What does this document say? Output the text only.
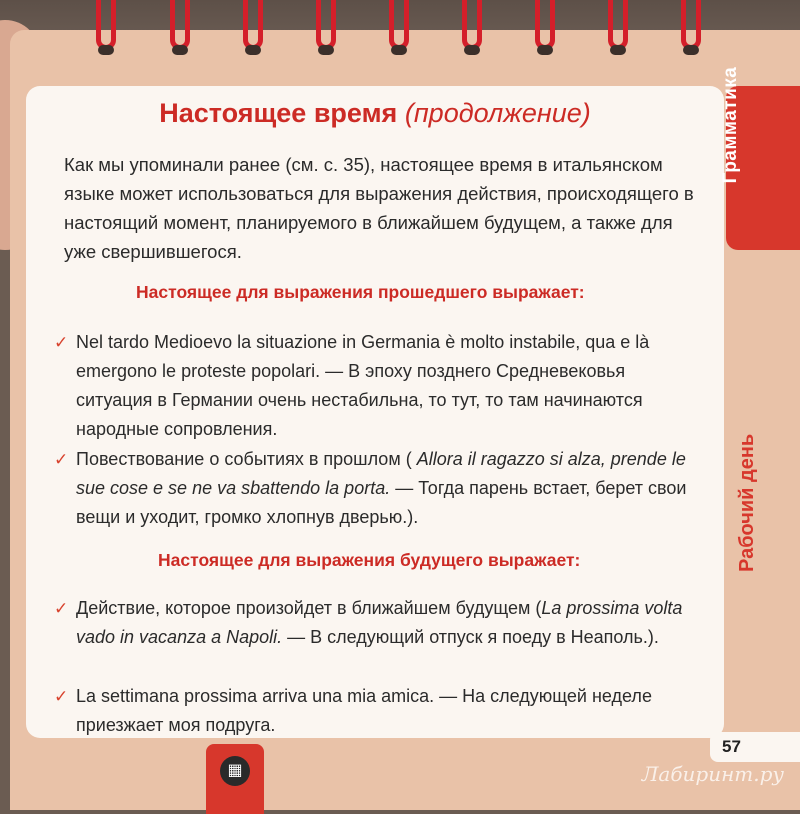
Настоящее время (продолжение)

Как мы упоминали ранее (см. с. 35), настоящее время в итальянском языке может использоваться для выражения действия, происходящего в настоящий момент, планируемого в ближайшем будущем, а также для уже свершившегося.

Настоящее для выражения прошедшего выражает:

✓ Nel tardo Medioevo la situazione in Germania è molto instabile, qua e là emergono le proteste popolari. — В эпоху позднего Средневековья ситуация в Германии очень нестабильна, то тут, то там начинаются народные сопровления.

✓ Повествование о событиях в прошлом ( Allora il ragazzo si alza, prende le sue cose e se ne va sbattendo la porta. — Тогда парень встает, берет свои вещи и уходит, громко хлопнув дверью.).

Настоящее для выражения будущего выражает:

✓ Действие, которое произойдет в ближайшем будущем (La prossima volta vado in vacanza a Napoli. — В следующий отпуск я поеду в Неаполь.).

✓ La settimana prossima arriva una mia amica. — На следующей неделе приезжает моя подруга.

Грамматика
Рабочий день
57
▦	Лабиринт.ру
